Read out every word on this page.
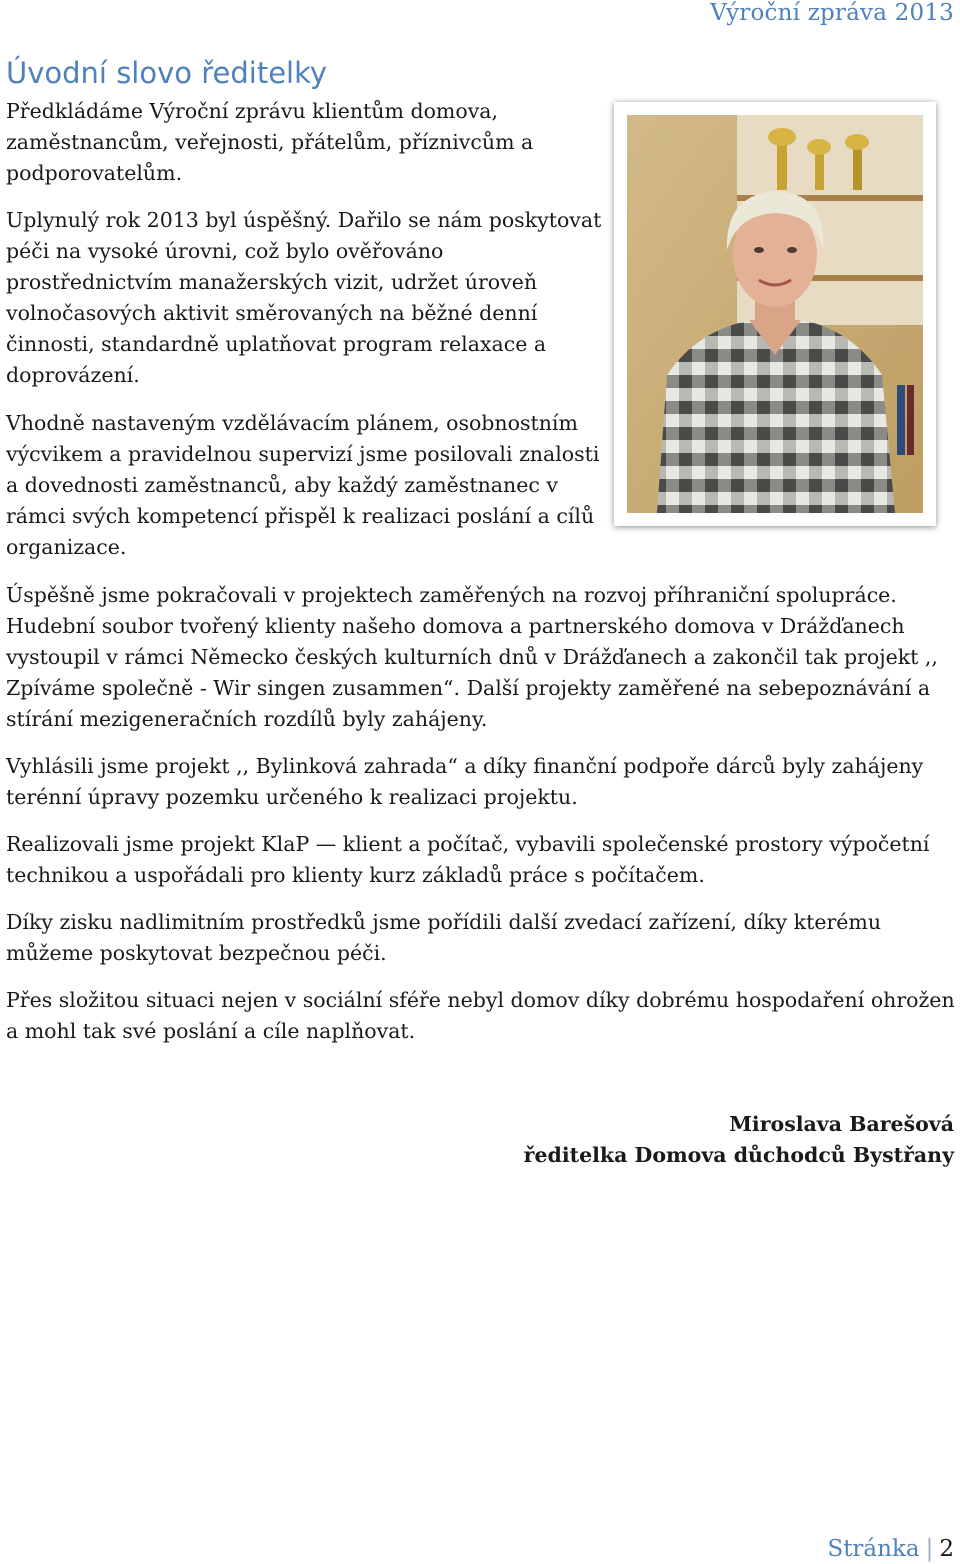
Výroční zpráva 2013
Úvodní slovo ředitelky

Předkládáme Výroční zprávu klientům domova, zaměstnancům, veřejnosti, přátelům, příznivcům a podporovatelům.

Uplynulý rok 2013 byl úspěšný. Dařilo se nám poskytovat péči na vysoké úrovni, což bylo ověřováno prostřednictvím manažerských vizit, udržet úroveň volnočasových aktivit směrovaných na běžné denní činnosti, standardně uplatňovat program relaxace a doprovázení.

Vhodně nastaveným vzdělávacím plánem, osobnostním výcvikem a pravidelnou supervizí jsme posilovali znalosti a dovednosti zaměstnanců, aby každý zaměstnanec v rámci svých kompetencí přispěl k realizaci poslání a cílů organizace.

Úspěšně jsme pokračovali v projektech zaměřených na rozvoj příhraniční spolupráce. Hudební soubor tvořený klienty našeho domova a partnerského domova v Drážďanech vystoupil v rámci Německo českých kulturních dnů v Drážďanech a zakončil tak projekt ,, Zpíváme společně - Wir singen zusammen“. Další projekty zaměřené na sebepoznávání a stírání mezigeneračních rozdílů byly zahájeny.

Vyhlásili jsme projekt ,, Bylinková zahrada“ a díky finanční podpoře dárců byly zahájeny terénní úpravy pozemku určeného k realizaci projektu.

Realizovali jsme projekt KlaP — klient a počítač, vybavili společenské prostory výpočetní technikou a uspořádali pro klienty kurz základů práce s počítačem.

Díky zisku nadlimitním prostředků jsme pořídili další zvedací zařízení, díky kterému můžeme poskytovat bezpečnou péči.

Přes složitou situaci nejen v sociální sféře nebyl domov díky dobrému hospodaření ohrožen a mohl tak své poslání a cíle naplňovat.

Miroslava Barešová
ředitelka Domova důchodců Bystřany
Stránka | 2
